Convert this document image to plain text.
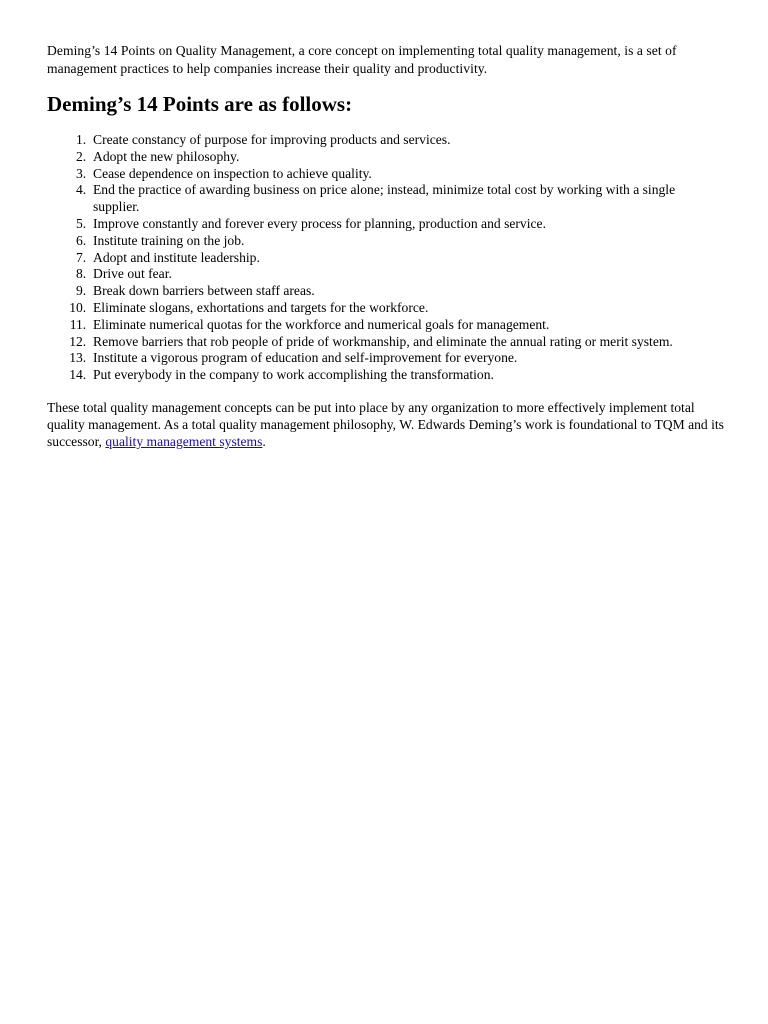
Deming’s 14 Points on Quality Management, a core concept on implementing total quality management, is a set of management practices to help companies increase their quality and productivity.

Deming’s 14 Points are as follows:
1. Create constancy of purpose for improving products and services.
2. Adopt the new philosophy.
3. Cease dependence on inspection to achieve quality.
4. End the practice of awarding business on price alone; instead, minimize total cost by working with a single supplier.
5. Improve constantly and forever every process for planning, production and service.
6. Institute training on the job.
7. Adopt and institute leadership.
8. Drive out fear.
9. Break down barriers between staff areas.
10. Eliminate slogans, exhortations and targets for the workforce.
11. Eliminate numerical quotas for the workforce and numerical goals for management.
12. Remove barriers that rob people of pride of workmanship, and eliminate the annual rating or merit system.
13. Institute a vigorous program of education and self-improvement for everyone.
14. Put everybody in the company to work accomplishing the transformation.

These total quality management concepts can be put into place by any organization to more effectively implement total quality management. As a total quality management philosophy, W. Edwards Deming’s work is foundational to TQM and its successor, quality management systems.
